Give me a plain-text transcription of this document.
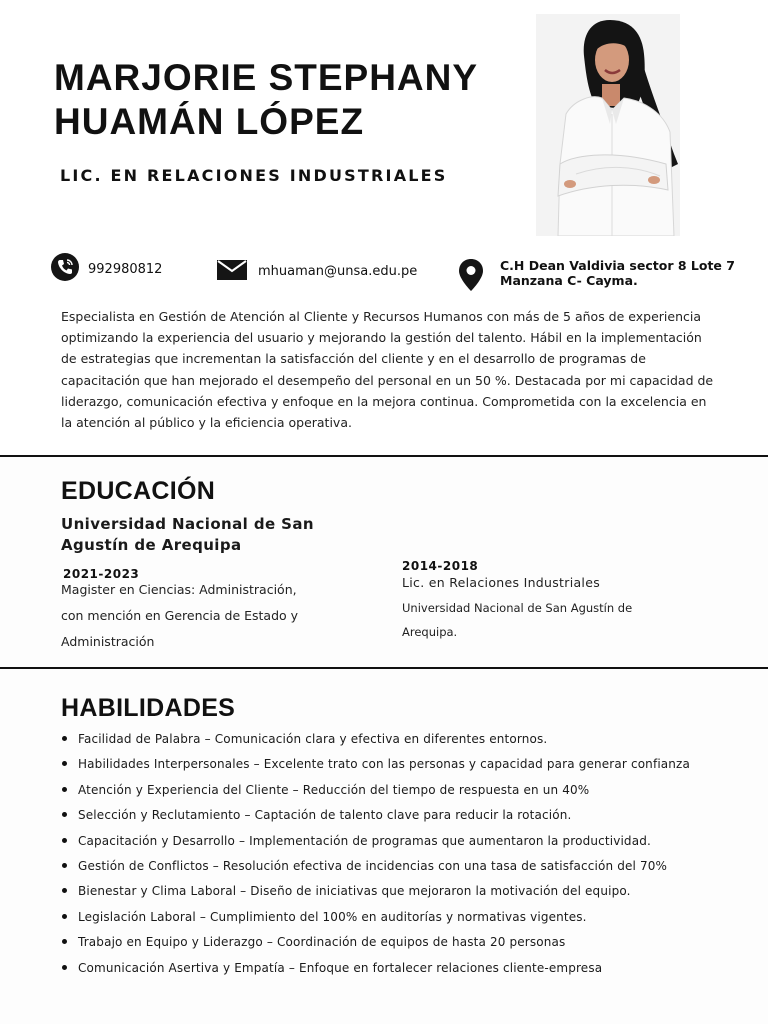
MARJORIE STEPHANY
HUAMÁN LÓPEZ
LIC. EN RELACIONES INDUSTRIALES
992980812	mhuaman@unsa.edu.pe	C.H Dean Valdivia sector 8 Lote 7
Manzana C- Cayma.
Especialista en Gestión de Atención al Cliente y Recursos Humanos con más de 5 años de experiencia optimizando la experiencia del usuario y mejorando la gestión del talento. Hábil en la implementación de estrategias que incrementan la satisfacción del cliente y en el desarrollo de programas de capacitación que han mejorado el desempeño del personal en un 50 %. Destacada por mi capacidad de liderazgo, comunicación efectiva y enfoque en la mejora continua. Comprometida con la excelencia en la atención al público y la eficiencia operativa.
EDUCACIÓN
Universidad Nacional de San Agustín de Arequipa
2021-2023
Magister en Ciencias: Administración,
con mención en Gerencia de Estado y
Administración
2014-2018
Lic. en Relaciones Industriales
Universidad Nacional de San Agustín de
Arequipa.
HABILIDADES
Facilidad de Palabra – Comunicación clara y efectiva en diferentes entornos.
Habilidades Interpersonales – Excelente trato con las personas y capacidad para generar confianza
Atención y Experiencia del Cliente – Reducción del tiempo de respuesta en un 40%
Selección y Reclutamiento – Captación de talento clave para reducir la rotación.
Capacitación y Desarrollo – Implementación de programas que aumentaron la productividad.
Gestión de Conflictos – Resolución efectiva de incidencias con una tasa de satisfacción del 70%
Bienestar y Clima Laboral – Diseño de iniciativas que mejoraron la motivación del equipo.
Legislación Laboral – Cumplimiento del 100% en auditorías y normativas vigentes.
Trabajo en Equipo y Liderazgo – Coordinación de equipos de hasta 20 personas
Comunicación Asertiva y Empatía – Enfoque en fortalecer relaciones cliente-empresa
